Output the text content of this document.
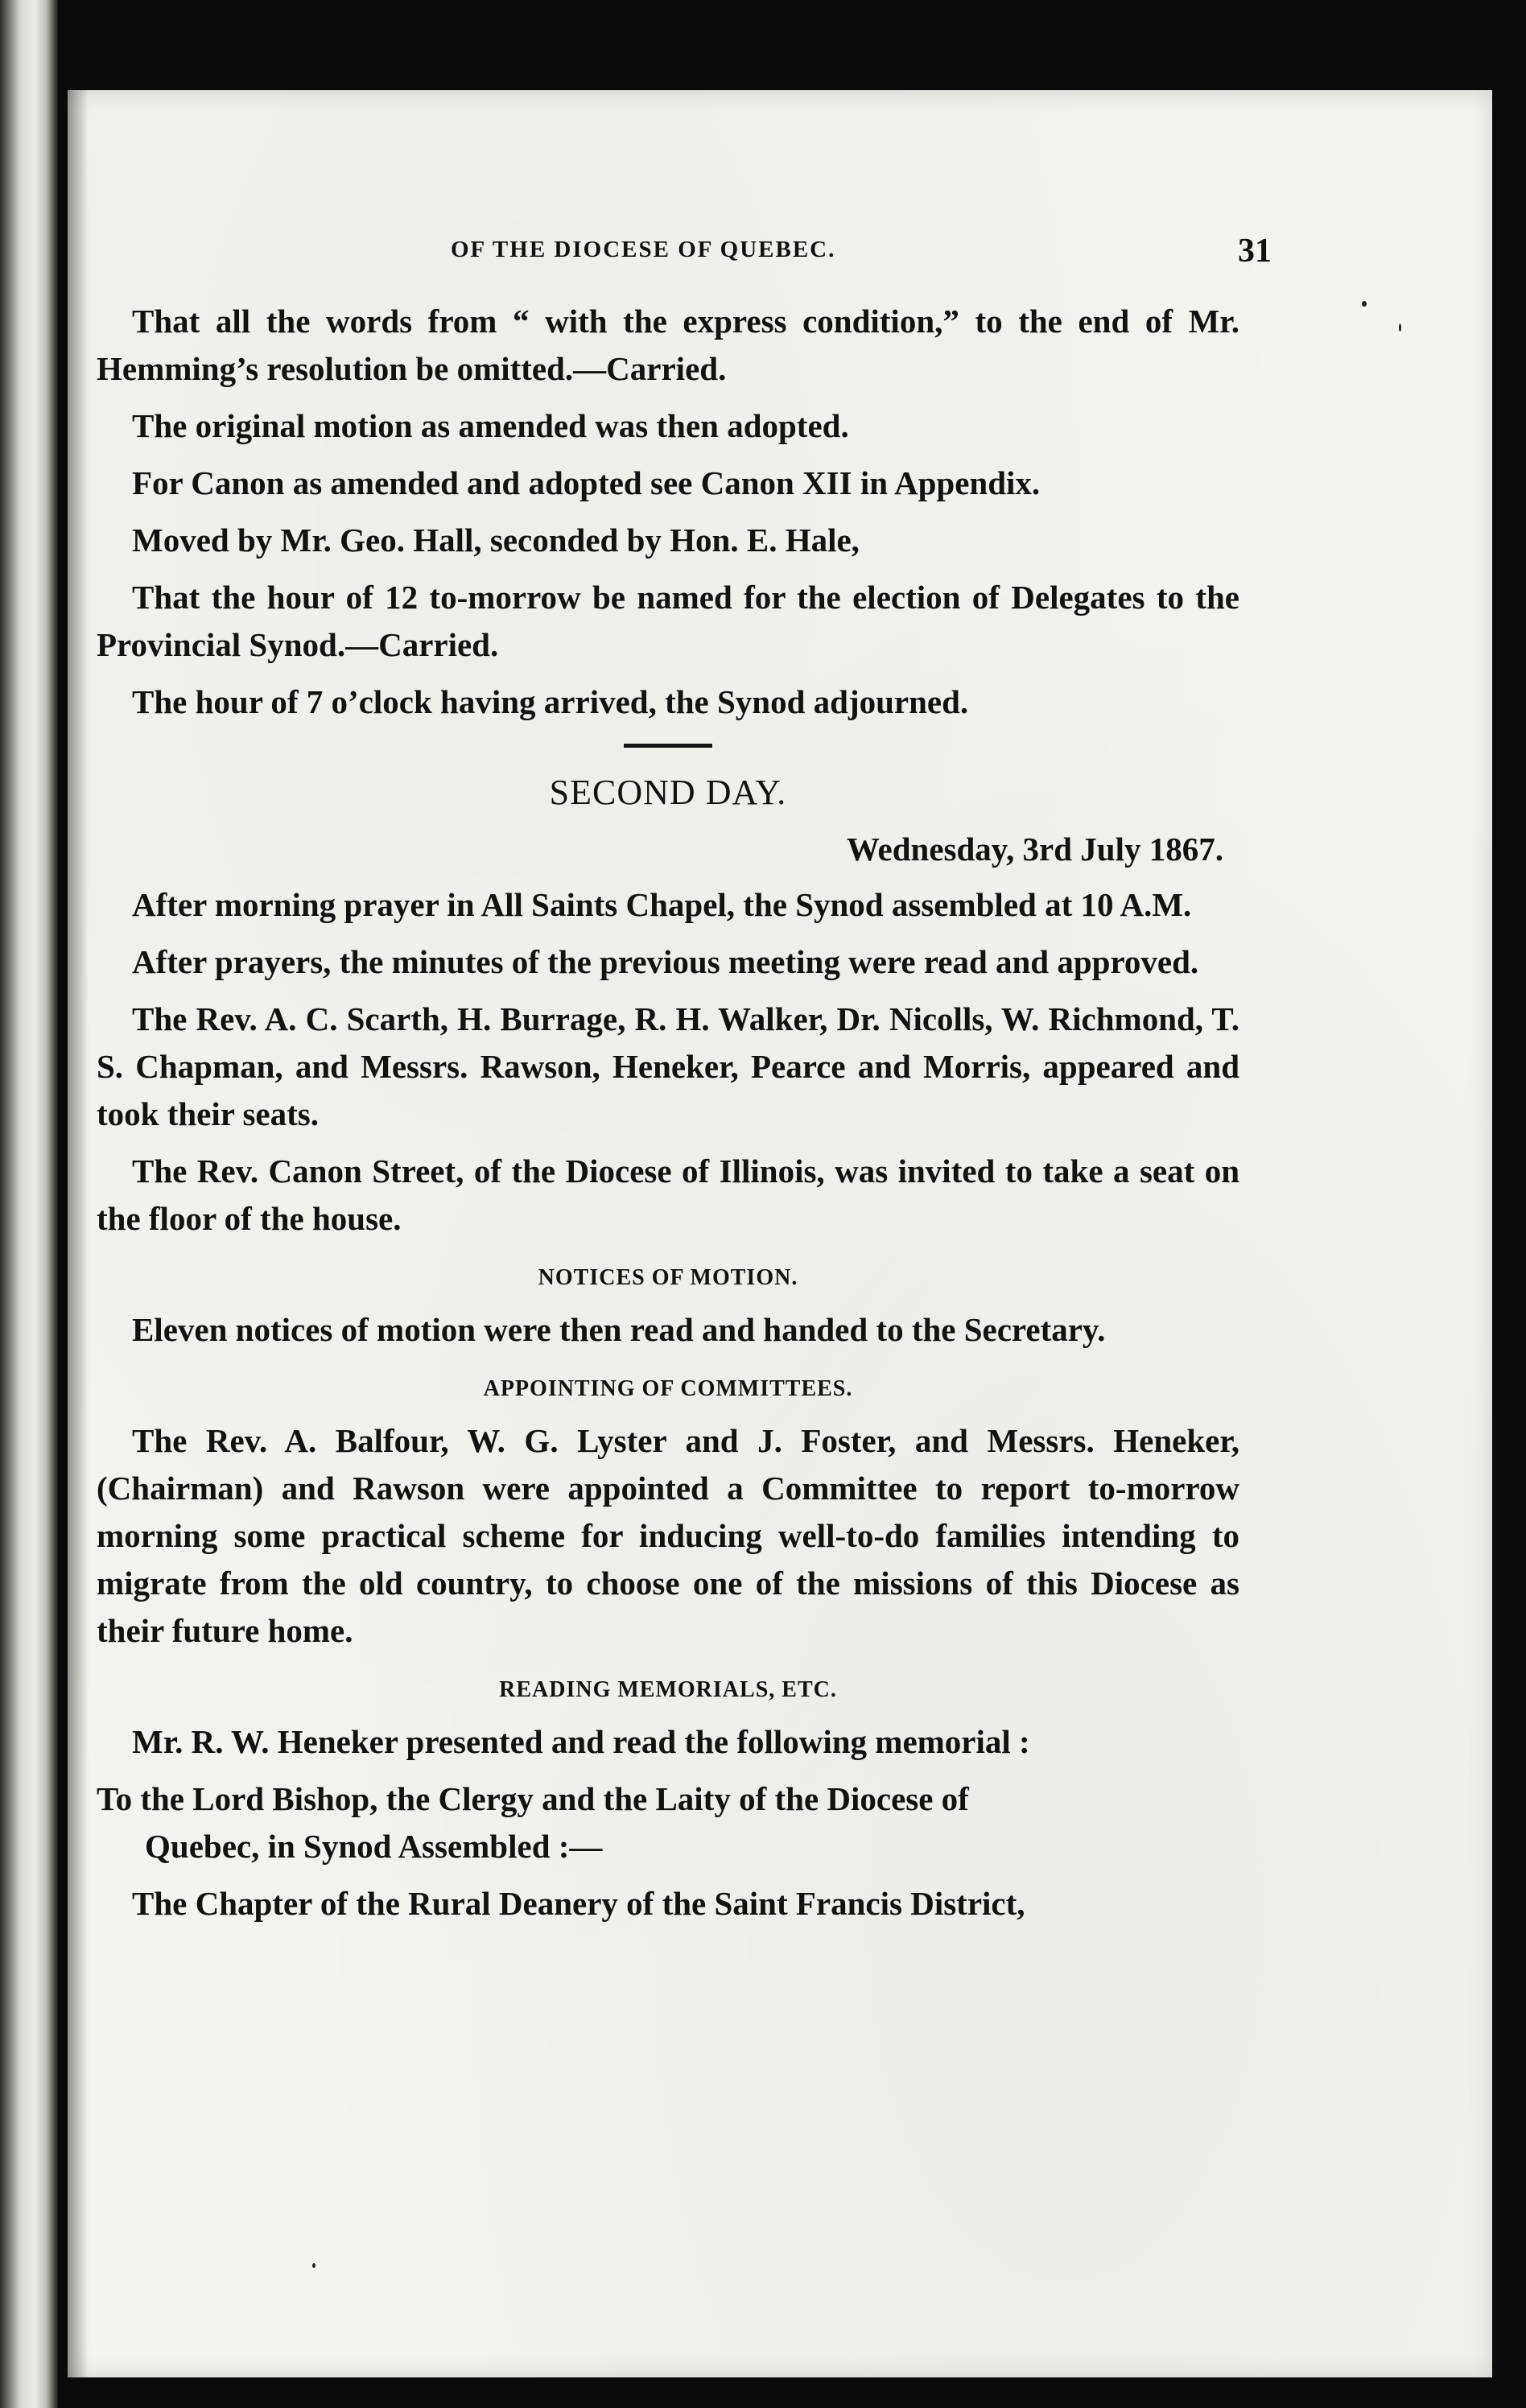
OF THE DIOCESE OF QUEBEC.	31

That all the words from “ with the express condition,” to the end of Mr. Hemming’s resolution be omitted.—Carried.

The original motion as amended was then adopted.

For Canon as amended and adopted see Canon XII in Appendix.

Moved by Mr. Geo. Hall, seconded by Hon. E. Hale,

That the hour of 12 to-morrow be named for the election of Delegates to the Provincial Synod.—Carried.

The hour of 7 o’clock having arrived, the Synod adjourned.

SECOND DAY.
Wednesday, 3rd July 1867.

After morning prayer in All Saints Chapel, the Synod assembled at 10 A.M.

After prayers, the minutes of the previous meeting were read and approved.

The Rev. A. C. Scarth, H. Burrage, R. H. Walker, Dr. Nicolls, W. Richmond, T. S. Chapman, and Messrs. Rawson, Heneker, Pearce and Morris, appeared and took their seats.

The Rev. Canon Street, of the Diocese of Illinois, was invited to take a seat on the floor of the house.

NOTICES OF MOTION.

Eleven notices of motion were then read and handed to the Secretary.

APPOINTING OF COMMITTEES.

The Rev. A. Balfour, W. G. Lyster and J. Foster, and Messrs. Heneker, (Chairman) and Rawson were appointed a Committee to report to-morrow morning some practical scheme for inducing well-to-do families intending to migrate from the old country, to choose one of the missions of this Diocese as their future home.

READING MEMORIALS, ETC.

Mr. R. W. Heneker presented and read the following memorial :

To the Lord Bishop, the Clergy and the Laity of the Diocese of
Quebec, in Synod Assembled :—

The Chapter of the Rural Deanery of the Saint Francis District,
